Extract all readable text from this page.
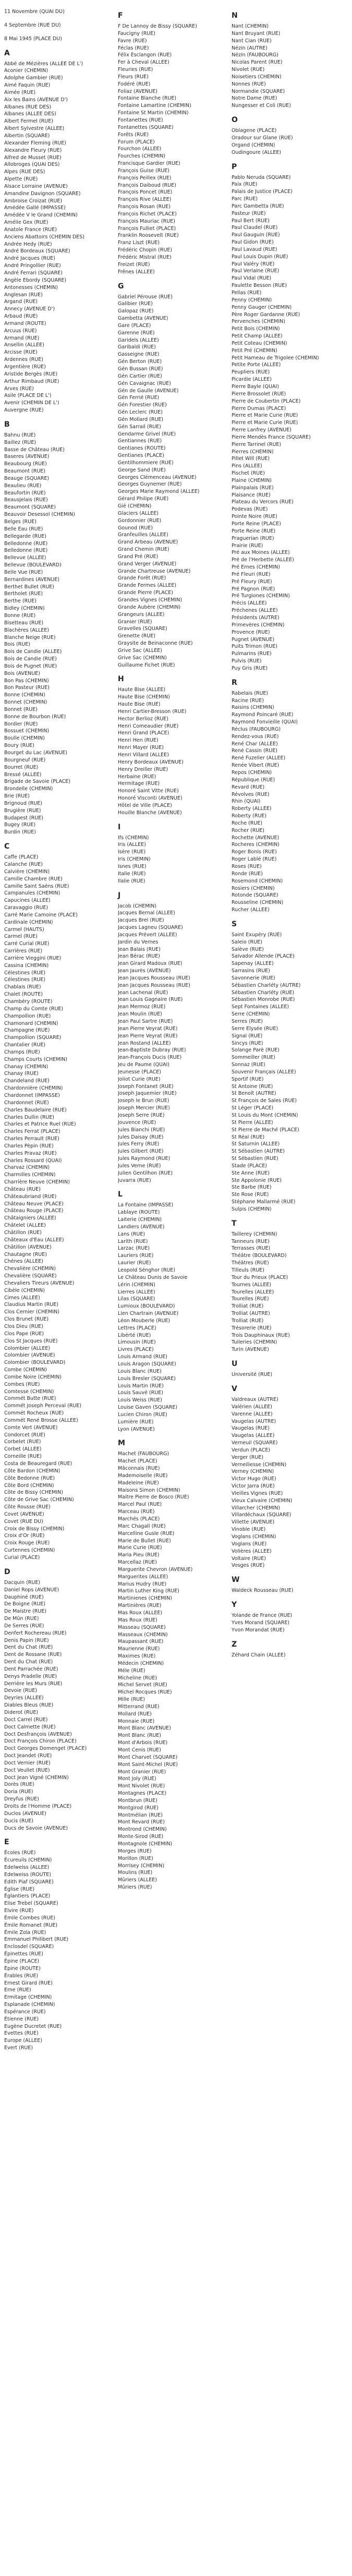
11 Novembre (QUAI DU)
4 Septembre (RUE DU)
8 Mai 1945 (PLACE DU)
A
Abbé de Mézières (ALLEE DE L')
Aconier (CHEMIN)
Adolphe Gambier (RUE)
Aimé Faquin (RUE)
Aimée (RUE)
Aix les Bains (AVENUE D')
Albanes (RUE DES)
Albanes (ALLEE DES)
Albert Fermel (RUE)
Albert Sylvestre (ALLEE)
Albertin (SQUARE)
Alexander Fleming (RUE)
Alexandre Fleury (RUE)
Alfred de Musset (RUE)
Allobroges (QUAI DES)
Alpes (RUE DES)
Alpette (RUE)
Alsace Lorraine (AVENUE)
Amandine Davignon (SQUARE)
Ambroise Croizat (RUE)
Amédée Gallé (IMPASSE)
Amédée V le Grand (CHEMIN)
Amélie Gex (RUE)
Anatole France (RUE)
Anciens Abattoirs (CHEMIN DES)
Andrée Hedy (RUE)
André Bordeaux (SQUARE)
André Jacques (RUE)
André Pringollier (RUE)
André Ferrari (SQUARE)
Angèle Ebordy (SQUARE)
Antonesses (CHEMIN)
Anglesan (RUE)
Argand (RUE)
Annecy (AVENUE D')
Arbaud (RUE)
Armand (ROUTE)
Arcuus (RUE)
Armand (RUE)
Ansellin (ALLEE)
Arcisse (RUE)
Ardennes (RUE)
Argentière (RUE)
Aristide Bergès (RUE)
Arthur Rimbaud (RUE)
Arves (RUE)
Asile (PLACE DE L')
Avenir (CHEMIN DE L')
Auvergne (RUE)
B
Bahnu (RUE)
Baillez (RUE)
Basse de Château (RUE)
Baseres (AVENUE)
Beaubourg (RUE)
Beaumont (RUE)
Beauge (SQUARE)
Beaulieu (RUE)
Beaufortin (RUE)
Beausjelais (RUE)
Beaumont (SQUARE)
Beauvoir Desessol (CHEMIN)
Belges (RUE)
Belle Eau (RUE)
Bellegarde (RUE)
Belledonne (RUE)
Belledonne (RUE)
Bellevue (ALLEE)
Bellevue (BOULEVARD)
Belle Vue (RUE)
Bernardines (AVENUE)
Berthet Bullet (RUE)
Bertholet (RUE)
Berthe (RUE)
Bidley (CHEMIN)
Bonne (RUE)
Bisetteau (RUE)
Blachères (ALLEE)
Blanche Neige (RUE)
Bois (RUE)
Bois de Candie (ALLEE)
Bois de Candie (RUE)
Bois de Pugnet (RUE)
Bois (AVENUE)
Bon Pas (CHEMIN)
Bon Pasteur (RUE)
Bonne (CHEMIN)
Bonnet (CHEMIN)
Bonnet (RUE)
Bonne de Bourbon (RUE)
Bordier (RUE)
Bossuet (CHEMIN)
Boulle (CHEMIN)
Boury (RUE)
Bourget du Lac (AVENUE)
Bourgneuf (RUE)
Bourret (RUE)
Bressé (ALLEE)
Brigade de Savoie (PLACE)
Brondelle (CHEMIN)
Brie (RUE)
Brignoud (RUE)
Brugière (RUE)
Budapest (RUE)
Bugey (RUE)
Burdin (RUE)
C
Caffe (PLACE)
Calanche (RUE)
Calvière (CHEMIN)
Camille Chambre (RUE)
Camille Saint Saëns (RUE)
Campanules (CHEMIN)
Capucines (ALLEE)
Caravaggio (RUE)
Carré Marie Camoine (PLACE)
Cardinale (CHEMIN)
Carmel (HAUTS)
Carmel (RUE)
Carré Curial (RUE)
Carrières (RUE)
Carrière Vieggini (RUE)
Cassina (CHEMIN)
Célestines (RUE)
Célestines (RUE)
Chablais (RUE)
Chalet (ROUTE)
Chambéry (ROUTE)
Champ du Comte (RUE)
Champollion (RUE)
Chamonard (CHEMIN)
Champagne (RUE)
Champollion (SQUARE)
Chantalier (RUE)
Champs (RUE)
Champs Courts (CHEMIN)
Chanay (CHEMIN)
Chanay (RUE)
Chandeland (RUE)
Chardonnière (CHEMIN)
Chardonnet (IMPASSE)
Chardonnet (RUE)
Charles Baudelaire (RUE)
Charles Dullin (RUE)
Charles et Patrice Ruel (RUE)
Charles Ferrat (PLACE)
Charles Perrault (RUE)
Charles Pèpin (RUE)
Charles Pravaz (RUE)
Charles Rossard (QUAI)
Charvaz (CHEMIN)
Charmilles (CHEMIN)
Charrière Neuve (CHEMIN)
Château (RUE)
Châteaubriand (RUE)
Château Neuve (PLACE)
Château Rouge (PLACE)
Châtaigniers (ALLEE)
Châtelet (ALLEE)
Châtillon (RUE)
Châteaux d'Eau (ALLEE)
Châtillon (AVENUE)
Chautagne (RUE)
Chénes (ALLEE)
Chevalière (CHEMIN)
Chevalière (SQUARE)
Chevaliers Tireurs (AVENUE)
Cibèle (CHEMIN)
Cimes (ALLEE)
Claudius Martin (RUE)
Clos Cernier (CHEMIN)
Clos Brunet (RUE)
Clos Dieu (RUE)
Clos Pape (RUE)
Clos St Jacques (RUE)
Colombier (ALLEE)
Colombier (AVENUE)
Colombier (BOULEVARD)
Combe (CHEMIN)
Combe Noire (CHEMIN)
Combes (RUE)
Comtesse (CHEMIN)
Commét Butte (RUE)
Commét Joseph Perceval (RUE)
Commét Rocheux (RUE)
Commét René Brosse (ALLEE)
Comte Vert (AVENUE)
Condorcet (RUE)
Corbelet (RUE)
Corbet (ALLEE)
Corneille (RUE)
Costa de Beauregard (RUE)
Côte Bardon (CHEMIN)
Côte Bedonne (RUE)
Côte Bord (CHEMIN)
Côte de Bissy (CHEMIN)
Côte de Grive Sac (CHEMIN)
Côte Rousse (RUE)
Covet (AVENUE)
Covet (RUE DU)
Croix de Bissy (CHEMIN)
Croix d'Or (RUE)
Croix Rouge (RUE)
Curtennes (CHEMIN)
Curial (PLACE)
D
Dacquin (RUE)
Daniel Rops (AVENUE)
Dauphiné (RUE)
De Boigne (RUE)
De Maistre (RUE)
De Mûn (RUE)
De Serres (RUE)
Denfert Rochereau (RUE)
Denis Papin (RUE)
Dent du Chat (RUE)
Dent de Rossane (RUE)
Dent du Chat (RUE)
Dent Parrachée (RUE)
Denys Pradelle (RUE)
Derrière les Murs (RUE)
Devoie (RUE)
Deyries (ALLEE)
Diables Bleus (RUE)
Diderot (RUE)
Doct Carrel (RUE)
Doct Calmette (RUE)
Doct Desfrançois (AVENUE)
Doct François Chiron (PLACE)
Doct Georges Domenget (PLACE)
Doct Jeandet (RUE)
Doct Vernier (RUE)
Doct Veullet (RUE)
Doct Jean Vigné (CHEMIN)
Dorès (RUE)
Doria (RUE)
Dreyfus (RUE)
Droits de l'Homme (PLACE)
Duclos (AVENUE)
Ducis (RUE)
Ducs de Savoie (AVENUE)
E
Écoles (RUE)
Écureuils (CHEMIN)
Edelweiss (ALLEE)
Edelweiss (ROUTE)
Edith Piaf (SQUARE)
Église (RUE)
Églantiers (PLACE)
Elise Trebel (SQUARE)
Elvire (RUE)
Émile Combes (RUE)
Émile Romanet (RUE)
Émile Zola (RUE)
Emmanuel Philibert (RUE)
Enclosdel (SQUARE)
Épinettes (RUE)
Épine (PLACE)
Épine (ROUTE)
Érables (RUE)
Ernest Girard (RUE)
Erne (RUE)
Ermitage (CHEMIN)
Esplanade (CHEMIN)
Espérance (RUE)
Étienne (RUE)
Eugène Ducretet (RUE)
Evettes (RUE)
Europe (ALLEE)
Evert (RUE)
F
F De Lannoy de Bissy (SQUARE)
Faucigny (RUE)
Favre (RUE)
Féclas (RUE)
Félix Esclangon (RUE)
Fer à Cheval (ALLEE)
Fleuries (RUE)
Fleurs (RUE)
Fodéré (RUE)
Foliaz (AVENUE)
Fontaine Blanche (RUE)
Fontaine Lamartine (CHEMIN)
Fontaine St Martin (CHEMIN)
Fontanettes (RUE)
Fontanettes (SQUARE)
Forêts (RUE)
Forum (PLACE)
Fourchon (ALLEE)
Fourches (CHEMIN)
Francisque Gardier (RUE)
François Guise (RUE)
François Peillex (RUE)
François Daiboud (RUE)
François Poncet (RUE)
François Rive (ALLEE)
François Rosan (RUE)
François Richet (PLACE)
François Mauriac (RUE)
François Fulliet (PLACE)
Franklin Roosevelt (RUE)
Franz Liszt (RUE)
Frédéric Chopin (RUE)
Frédéric Mistral (RUE)
Freizet (RUE)
Frênes (ALLEE)
G
Gabriel Pérouse (RUE)
Galibier (RUE)
Galopaz (RUE)
Gambetta (AVENUE)
Gare (PLACE)
Garenne (RUE)
Garidels (ALLEE)
Garibaldi (RUE)
Gasseigne (RUE)
Gén Berton (RUE)
Gén Bussan (RUE)
Gén Cartier (RUE)
Gén Cavaignac (RUE)
Gén de Gaulle (AVENUE)
Gén Ferrié (RUE)
Gén Forestier (RUE)
Gén Leclerc (RUE)
Gén Mollard (RUE)
Gén Sarrail (RUE)
Gendarme Grivel (RUE)
Gentiannes (RUE)
Gentianes (ROUTE)
Gentianes (PLACE)
Gentilhommiere (RUE)
George Sand (RUE)
Georges Clémenceau (AVENUE)
Georges Guynemer (RUE)
Georges Marie Raymond (ALLEE)
Gérard Philipe (RUE)
Gié (CHEMIN)
Glaciers (ALLEE)
Gordonnier (RUE)
Gounod (RUE)
Granfeuilles (ALLEE)
Grand Arbeau (AVENUE)
Grand Chemin (RUE)
Grand Pré (RUE)
Grand Verger (AVENUE)
Grande Chartreuse (AVENUE)
Grande Forêt (RUE)
Grande Fermes (ALLEE)
Grande Pierre (PLACE)
Grandes Vignes (CHEMIN)
Grande Aubère (CHEMIN)
Grangeurs (ALLEE)
Granier (RUE)
Gravelles (SQUARE)
Grenette (RUE)
Graysite de Beinaconne (RUE)
Grive Sac (ALLEE)
Grive Sac (CHEMIN)
Guillaume Fichet (RUE)
H
Haute Bise (ALLEE)
Haute Bise (CHEMIN)
Haute Bise (RUE)
Henri Cartier-Bresson (RUE)
Hector Berlioz (RUE)
Henri Comeaudier (RUE)
Henri Grand (PLACE)
Henri Hen (RUE)
Henri Mayer (RUE)
Henri Villard (ALLEE)
Henry Bordeaux (AVENUE)
Henry Dreiller (RUE)
Herbaine (RUE)
Hermitage (RUE)
Honoré Saint Vitte (RUE)
Honoré Visconti (AVENUE)
Hôtel de Ville (PLACE)
Houille Blanche (AVENUE)
I
Ifs (CHEMIN)
Iris (ALLEE)
Isère (RUE)
Iris (CHEMIN)
Isnes (RUE)
Italie (RUE)
Ilalie (RUE)
J
Jacob (CHEMIN)
Jacques Bernal (ALLEE)
Jacques Brel (RUE)
Jacques Lagneu (SQUARE)
Jacques Prévert (ALLEE)
Jardin du Vernes
Jean Balais (RUE)
Jean Bérac (RUE)
Jean Girard Madoux (RUE)
Jean Jaurès (AVENUE)
Jean Jacques Rousseau (RUE)
Jean Jacques Rousseau (RUE)
Jean Lachenal (RUE)
Jean Louis Gagnaire (RUE)
Jean Mermoz (RUE)
Jean Moulin (RUE)
Jean Paul Sartre (RUE)
Jean Pierre Veyrat (RUE)
Jean Pierre Veyrat (RUE)
Jean Rostand (ALLEE)
Jean-Baptiste Dubray (RUE)
Jean-François Ducis (RUE)
Jeu de Paume (QUAI)
Jeunesse (PLACE)
Joliot Curie (RUE)
Joseph Fontanet (RUE)
Joseph Jaquemier (RUE)
Joseph le Brun (RUE)
Joseph Mercier (RUE)
Joseph Serre (RUE)
Jouvence (RUE)
Jules Bianchi (RUE)
Jules Daisay (RUE)
Jules Ferry (RUE)
Jules Gilbert (RUE)
Jules Raymond (RUE)
Jules Verne (RUE)
Julien Gentilhon (RUE)
Juvarra (RUE)
L
La Fontaine (IMPASSE)
Lablaye (ROUTE)
Laiterie (CHEMIN)
Landiers (AVENUE)
Lans (RUE)
Larith (RUE)
Larzac (RUE)
Lauriers (RUE)
Laurier (RUE)
Leopold Sénghor (RUE)
Le Château Dunis de Savoie
Lérin (CHEMIN)
Lierres (ALLEE)
Lilas (SQUARE)
Lumioux (BOULEVARD)
Lien Chartrain (AVENUE)
Léon Mouberle (RUE)
Lettres (PLACE)
Libérté (RUE)
Limousin (RUE)
Livres (PLACE)
Louis Armand (RUE)
Louis Aragon (SQUARE)
Louis Blanc (RUE)
Louis Bresler (SQUARE)
Louis Martin (RUE)
Louis Sauvé (RUE)
Louis Weiss (RUE)
Louise Gaven (SQUARE)
Lucien Chiron (RUE)
Lumière (RUE)
Lyon (AVENUE)
M
Machet (FAUBOURG)
Machet (PLACE)
Mâconnais (RUE)
Mademoiselle (RUE)
Madeleine (RUE)
Maisons Simon (CHEMIN)
Maitre Pierre de Bosco (RUE)
Marcel Paul (RUE)
Marceau (RUE)
Marchés (PLACE)
Marc Chagall (RUE)
Marcelline Gusle (RUE)
Marie de Bullet (RUE)
Marie Curie (RUE)
Maria Pieu (RUE)
Marcellaz (RUE)
Marguerite Chevron (AVENUE)
Marguerites (ALLEE)
Marius Hudry (RUE)
Martin Luther King (RUE)
Martinienes (CHEMIN)
Martinières (RUE)
Mas Roux (ALLEE)
Mas Roux (RUE)
Masseau (SQUARE)
Masseaux (CHEMIN)
Maupassant (RUE)
Maurienne (RUE)
Maximes (RUE)
Médecin (CHEMIN)
Méle (RUE)
Micheline (RUE)
Michel Servet (RUE)
Michel Rocques (RUE)
Mille (RUE)
Mitterrand (RUE)
Mollard (RUE)
Monnaie (RUE)
Mont Blanc (AVENUE)
Mont Blanc (RUE)
Mont d'Arbois (RUE)
Mont Cenis (RUE)
Mont Charvet (SQUARE)
Mont Saint-Michel (RUE)
Mont Granier (RUE)
Mont Joly (RUE)
Mont Nivolet (RUE)
Montagnes (PLACE)
Montbrun (RUE)
Montgirod (RUE)
Montmélian (RUE)
Mont Revard (RUE)
Montrond (CHEMIN)
Monte-Sirod (RUE)
Montagnole (CHEMIN)
Morges (RUE)
Morillon (RUE)
Morrisey (CHEMIN)
Moulins (RUE)
Mûriers (ALLEE)
Mûriers (RUE)
N
Nant (CHEMIN)
Nant Bruyant (RUE)
Nant Cian (RUE)
Nézin (AUTRE)
Nézin (FAUBOURG)
Nicolas Parent (RUE)
Nivolet (RUE)
Noisetiers (CHEMIN)
Nonnes (RUE)
Normandie (SQUARE)
Notre Dame (RUE)
Nungesser et Coli (RUE)
O
Oblagene (PLACE)
Oradour sur Glane (RUE)
Organd (CHEMIN)
Oudingoure (ALLEE)
P
Pablo Neruda (SQUARE)
Paix (RUE)
Palais de Justice (PLACE)
Parc (RUE)
Parc Gambetta (RUE)
Pasteur (RUE)
Paul Bert (RUE)
Paul Claudel (RUE)
Paul Gauguin (RUE)
Paul Gidon (RUE)
Paul Lavaud (RUE)
Paul Louis Dupin (RUE)
Paul Valéry (RUE)
Paul Verlaine (RUE)
Paul Vidal (RUE)
Paulette Besson (RUE)
Pellas (RUE)
Penny (CHEMIN)
Penny Gauger (CHEMIN)
Père Roger Gardanne (RUE)
Pervenches (CHEMIN)
Petit Bois (CHEMIN)
Petit Champ (ALLEE)
Petit Coteau (CHEMIN)
Petit Pré (CHEMIN)
Petit Hameau de Trigolee (CHEMIN)
Petite Porte (ALLEE)
Peupliers (RUE)
Picardie (ALLEE)
Pierre Bayle (QUAI)
Pierre Brossolet (RUE)
Pierre de Coubertin (PLACE)
Pierre Dumas (PLACE)
Pierre et Marie Curie (RUE)
Pierre et Marie Curie (RUE)
Pierre Lanfrey (AVENUE)
Pierre Mendès France (SQUARE)
Pierre Tarrinel (RUE)
Pierres (CHEMIN)
Pillet Will (RUE)
Pins (ALLEE)
Pischet (RUE)
Plaine (CHEMIN)
Plainpalais (RUE)
Plaisance (RUE)
Plateau du Vercors (RUE)
Podevas (RUE)
Pointe Noire (RUE)
Porte Reine (PLACE)
Porte Reine (RUE)
Praguerian (RUE)
Prairie (RUE)
Pré aux Moines (ALLEE)
Pré de l'Herbette (ALLEE)
Pré Ernes (CHEMIN)
Pré Fleuri (RUE)
Pré Fleury (RUE)
Pré Pagnon (RUE)
Pré Turgiones (CHEMIN)
Précis (ALLEE)
Préchenes (ALLEE)
Présidents (AUTRE)
Primevères (CHEMIN)
Provence (RUE)
Pugnet (AVENUE)
Puits Trimon (RUE)
Pulmarins (RUE)
Pulvis (RUE)
Puy Gris (RUE)
R
Rabelais (RUE)
Racine (RUE)
Raisins (CHEMIN)
Raymond Poincaré (RUE)
Raymond Fonvieille (QUAI)
Réclus (FAUBOURG)
Rendez-vous (RUE)
René Char (ALLEE)
René Cassin (RUE)
René Fuzelier (ALLEE)
Renée Vibert (RUE)
Repos (CHEMIN)
République (RUE)
Revard (RUE)
Révolves (RUE)
Rhin (QUAI)
Roberty (ALLEE)
Roberty (RUE)
Roche (RUE)
Rocher (RUE)
Rochette (AVENUE)
Rocheres (CHEMIN)
Roger Bonis (RUE)
Roger Lablé (RUE)
Roses (RUE)
Ronde (RUE)
Rosemond (CHEMIN)
Rosiers (CHEMIN)
Rotonde (SQUARE)
Rousseline (CHEMIN)
Rucher (ALLEE)
S
Saint Exupéry (RUE)
Saleio (RUE)
Salève (RUE)
Salvador Allende (PLACE)
Sapenay (ALLEE)
Sarrasins (RUE)
Savonnerie (RUE)
Sébastien Charléty (AUTRE)
Sébastien Charléty (RUE)
Sébastien Monrobe (RUE)
Sept Fontaines (ALLEE)
Serre (CHEMIN)
Serres (RUE)
Serre Elysée (RUE)
Signal (RUE)
Sincys (RUE)
Solange Parè (RUE)
Sommeiller (RUE)
Sonnaz (RUE)
Souvenir Français (ALLEE)
Sportif (RUE)
St Antoine (RUE)
St Benoît (AUTRE)
St François de Sales (RUE)
St Léger (PLACE)
St Louis du Mont (CHEMIN)
St Pierre (ALLEE)
St Pierre de Maché (PLACE)
St Réal (RUE)
St Saturnin (ALLEE)
St Sébastien (AUTRE)
St Sébastien (RUE)
Stade (PLACE)
Ste Anne (RUE)
Ste Appolonie (RUE)
Ste Barbe (RUE)
Ste Rose (RUE)
Stéphane Mallarmé (RUE)
Sulpis (CHEMIN)
T
Taillerey (CHEMIN)
Tanneurs (RUE)
Terrasses (RUE)
Théâtre (BOULEVARD)
Théâtres (RUE)
Tilleuls (RUE)
Tour du Prieux (PLACE)
Tournes (ALLEE)
Tourelles (ALLEE)
Tourelles (RUE)
Trolliat (RUE)
Trolliat (AUTRE)
Trolliat (RUE)
Trésorerie (RUE)
Trois Dauphinaux (RUE)
Tuileries (CHEMIN)
Turin (AVENUE)
U
Université (RUE)
V
Valdreaux (AUTRE)
Valérien (ALLEE)
Varenne (ALLEE)
Vaugelas (AUTRE)
Vaugelas (RUE)
Vaugelas (ALLEE)
Verneuil (SQUARE)
Verdun (PLACE)
Verger (RUE)
Verneiliesse (CHEMIN)
Verney (CHEMIN)
Victor Hugo (RUE)
Victor Jarra (RUE)
Vieilles Vignes (RUE)
Vieux Calvaire (CHEMIN)
Villarcher (CHEMIN)
Villardéchaux (SQUARE)
Villette (AVENUE)
Vinoble (RUE)
Voglans (CHEMIN)
Voglans (RUE)
Volières (ALLEE)
Voltaire (RUE)
Vosges (RUE)
W
Waldeck Rousseau (RUE)
Y
Yolande de France (RUE)
Yves Morand (SQUARE)
Yvon Morandat (RUE)
Z
Zéhard Chain (ALLEE)
